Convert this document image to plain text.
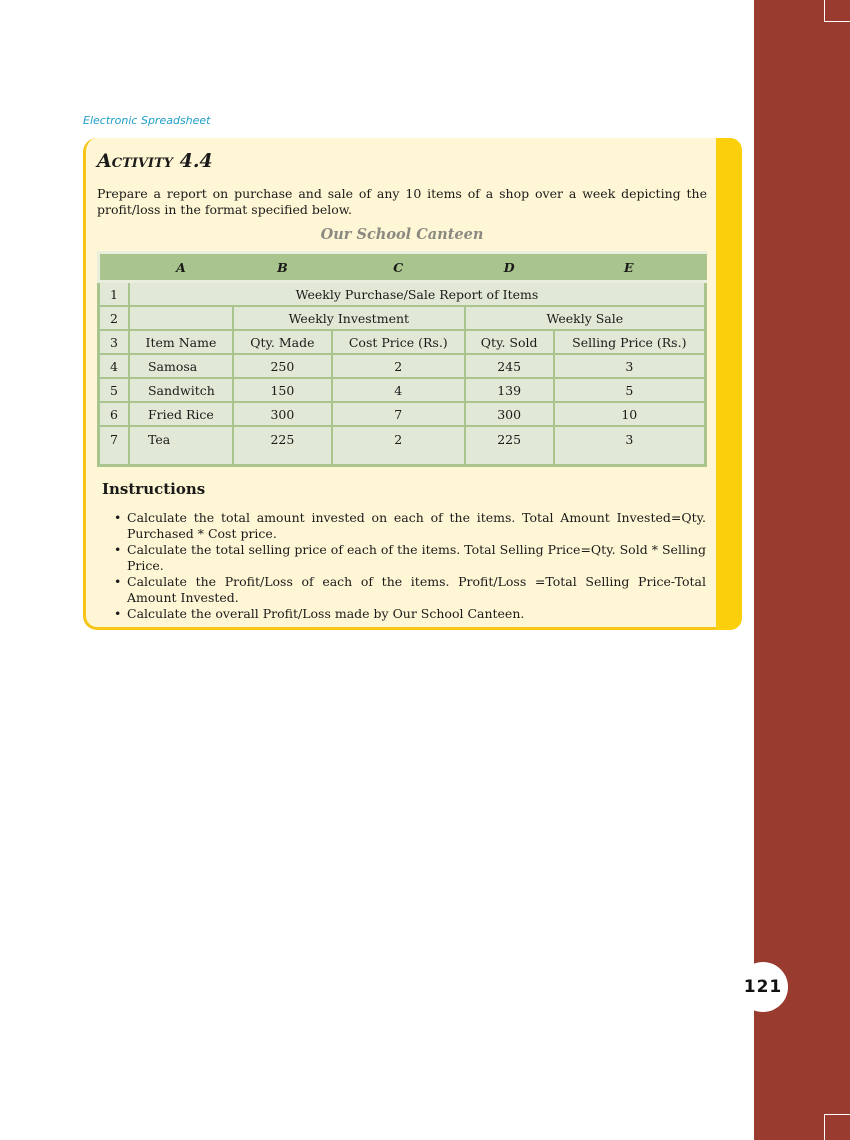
121
Electronic Spreadsheet
Activity 4.4
Prepare a report on purchase and sale of any 10 items of a shop over a week depicting the profit/loss in the format specified below.
Our School Canteen
	A	B	C	D	E
1	Weekly Purchase/Sale Report of Items				
2		Weekly Investment		Weekly Sale	
3	Item Name	Qty. Made	Cost Price (Rs.)	Qty. Sold	Selling Price (Rs.)
4	Samosa	250	2	245	3
5	Sandwitch	150	4	139	5
6	Fried Rice	300	7	300	10
7	Tea	225	2	225	3
Instructions
• Calculate the total amount invested on each of the items. Total Amount Invested=Qty. Purchased * Cost price.
• Calculate the total selling price of each of the items. Total Selling Price=Qty. Sold * Selling Price.
• Calculate the Profit/Loss of each of the items. Profit/Loss =Total Selling Price-Total Amount Invested.
• Calculate the overall Profit/Loss made by Our School Canteen.
